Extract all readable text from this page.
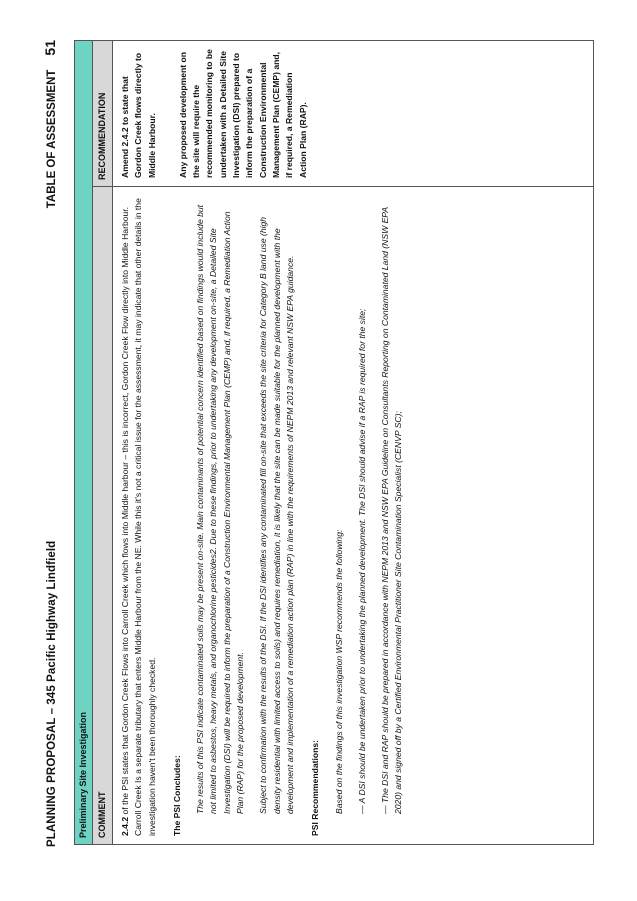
PLANNING PROPOSAL – 345 Pacific Highway Lindfield
TABLE OF ASSESSMENT
51
Preliminary Site Investigation	COMMENT
RECOMMENDATION

2.4.2 of the PSI states that Gordon Creek Flows into Carroll Creek which flows into Middle harbour – this is incorrect, Gordon Creek Flow directly into Middle Harbour. Carroll Creek Is a separate tributary that enters Middle Harbour from the NE. While this it's not a critical issue for the assessment, it may indicate that other details in the investigation haven't been thoroughly checked. The PSI Concludes: The results of this PSI indicate contaminated soils may be present on-site. Main contaminants of potential concern identified based on findings would include but not limited to asbestos, heavy metals, and organochlorine pesticides2. Due to these findings, prior to undertaking any development on-site, a Detailed Site Investigation (DSI) will be required to inform the preparation of a Construction Environmental Management Plan (CEMP) and, if required, a Remediation Action Plan (RAP) for the proposed development. Subject to confirmation with the results of the DSI. If the DSI identifies any contaminated fill on-site that exceeds the site criteria for Category B land use (high density residential with limited access to soils) and requires remediation, it is likely that the site can be made suitable for the planned development with the development and implementation of a remediation action plan (RAP) in line with the requirements of NEPM 2013 and relevant NSW EPA guidance. PSI Recommendations: Based on the findings of this investigation WSP recommends the following: — A DSI should be undertaken prior to undertaking the planned development. The DSI should advise if a RAP is required for the site; — The DSI and RAP should be prepared in accordance with NEPM 2013 and NSW EPA Guideline on Consultants Reporting on Contaminated Land (NSW EPA 2020) and signed off by a Certified Environmental Practitioner Site Contamination Specialist (CENVP SC);

Amend 2.4.2 to state that Gordon Creek flows directly to Middle Harbour. Any proposed development on the site will require the recommended monitoring to be undertaken with a Detailed Site Investigation (DSI) prepared to inform the preparation of a Construction Environmental Management Plan (CEMP) and, if required, a Remediation Action Plan (RAP).
